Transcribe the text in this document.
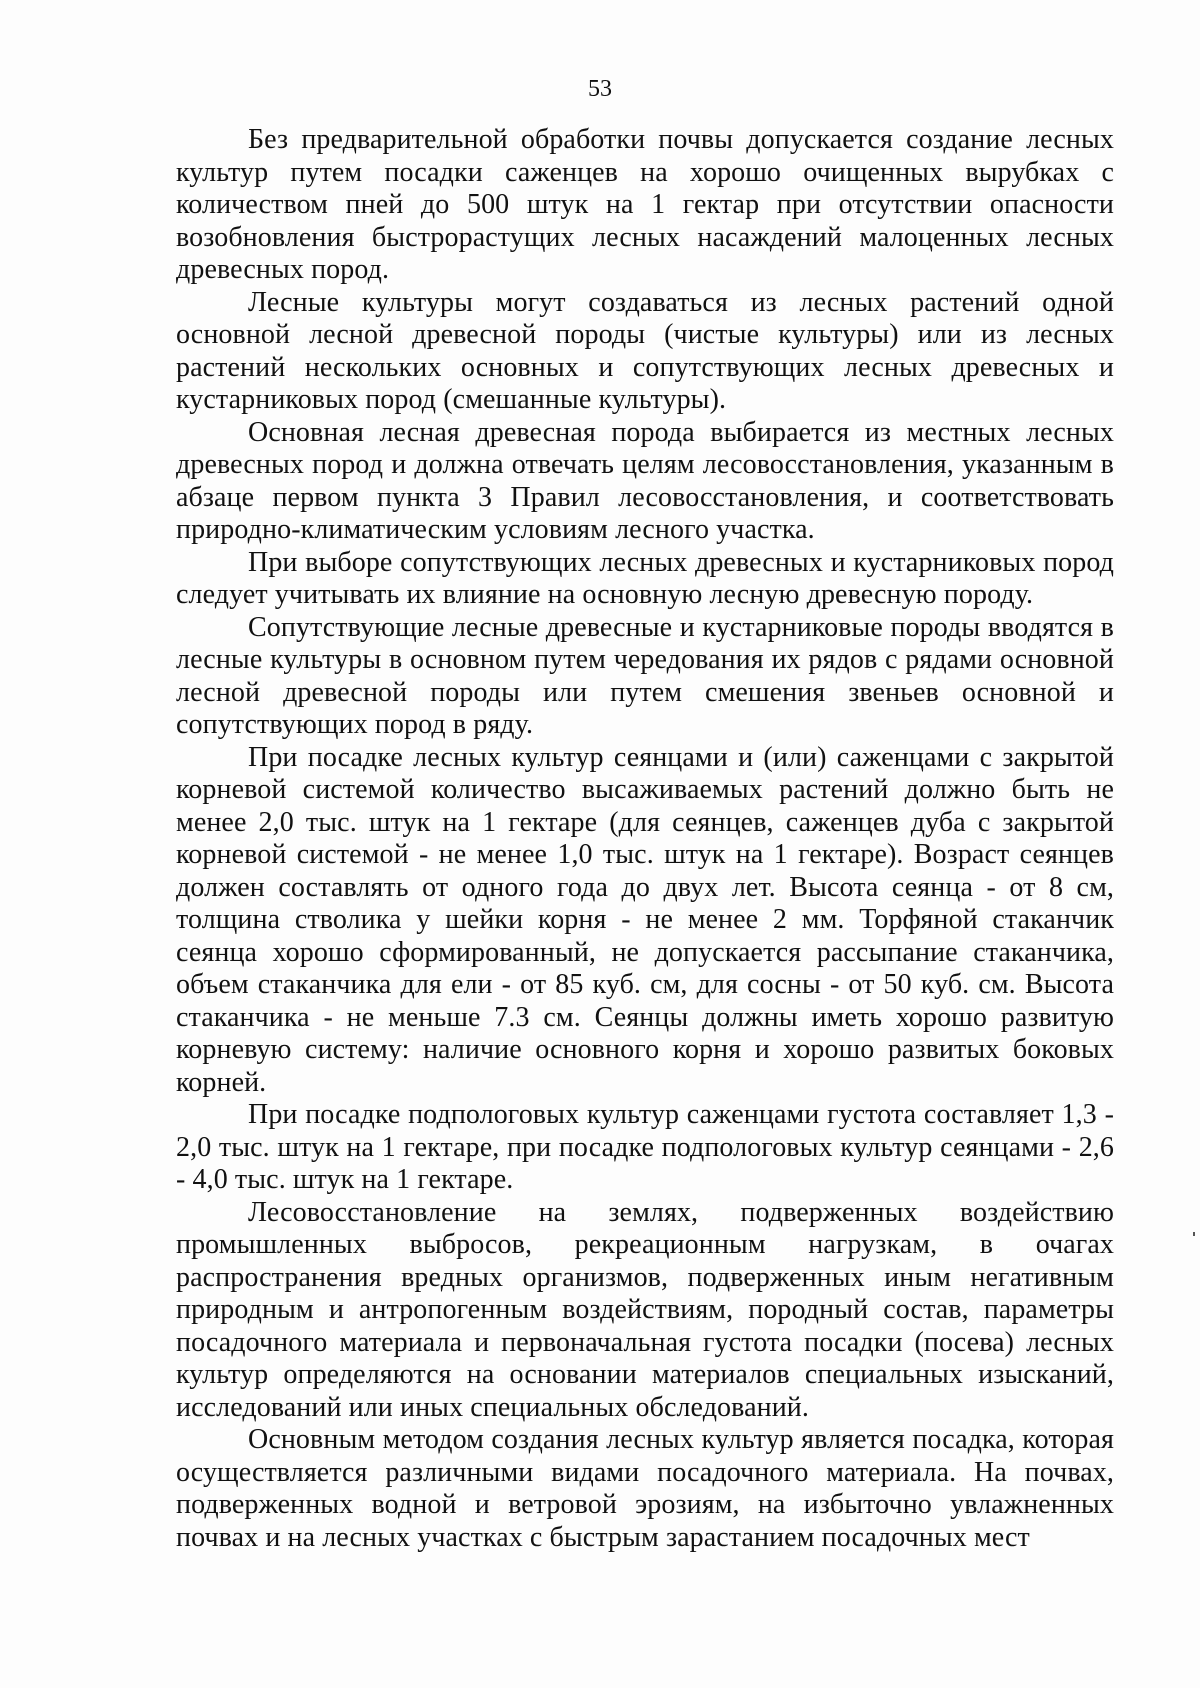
53

Без предварительной обработки почвы допускается создание лесных культур путем посадки саженцев на хорошо очищенных вырубках с количеством пней до 500 штук на 1 гектар при отсутствии опасности возобновления быстрорастущих лесных насаждений малоценных лесных древесных пород.

Лесные культуры могут создаваться из лесных растений одной основной лесной древесной породы (чистые культуры) или из лесных растений нескольких основных и сопутствующих лесных древесных и кустарниковых пород (смешанные культуры).

Основная лесная древесная порода выбирается из местных лесных древесных пород и должна отвечать целям лесовосстановления, указанным в абзаце первом пункта 3 Правил лесовосстановления, и соответствовать природно-климатическим условиям лесного участка.

При выборе сопутствующих лесных древесных и кустарниковых пород следует учитывать их влияние на основную лесную древесную породу.

Сопутствующие лесные древесные и кустарниковые породы вводятся в лесные культуры в основном путем чередования их рядов с рядами основной лесной древесной породы или путем смешения звеньев основной и сопутствующих пород в ряду.

При посадке лесных культур сеянцами и (или) саженцами с закрытой корневой системой количество высаживаемых растений должно быть не менее 2,0 тыс. штук на 1 гектаре (для сеянцев, саженцев дуба с закрытой корневой системой - не менее 1,0 тыс. штук на 1 гектаре). Возраст сеянцев должен составлять от одного года до двух лет. Высота сеянца - от 8 см, толщина стволика у шейки корня - не менее 2 мм. Торфяной стаканчик сеянца хорошо сформированный, не допускается рассыпание стаканчика, объем стаканчика для ели - от 85 куб. см, для сосны - от 50 куб. см. Высота стаканчика - не меньше 7.3 см. Сеянцы должны иметь хорошо развитую корневую систему: наличие основного корня и хорошо развитых боковых корней.

При посадке подпологовых культур саженцами густота составляет 1,3 - 2,0 тыс. штук на 1 гектаре, при посадке подпологовых культур сеянцами - 2,6 - 4,0 тыс. штук на 1 гектаре.

Лесовосстановление на землях, подверженных воздействию промышленных выбросов, рекреационным нагрузкам, в очагах распространения вредных организмов, подверженных иным негативным природным и антропогенным воздействиям, породный состав, параметры посадочного материала и первоначальная густота посадки (посева) лесных культур определяются на основании материалов специальных изысканий, исследований или иных специальных обследований.

Основным методом создания лесных культур является посадка, которая осуществляется различными видами посадочного материала. На почвах, подверженных водной и ветровой эрозиям, на избыточно увлажненных почвах и на лесных участках с быстрым зарастанием посадочных мест
